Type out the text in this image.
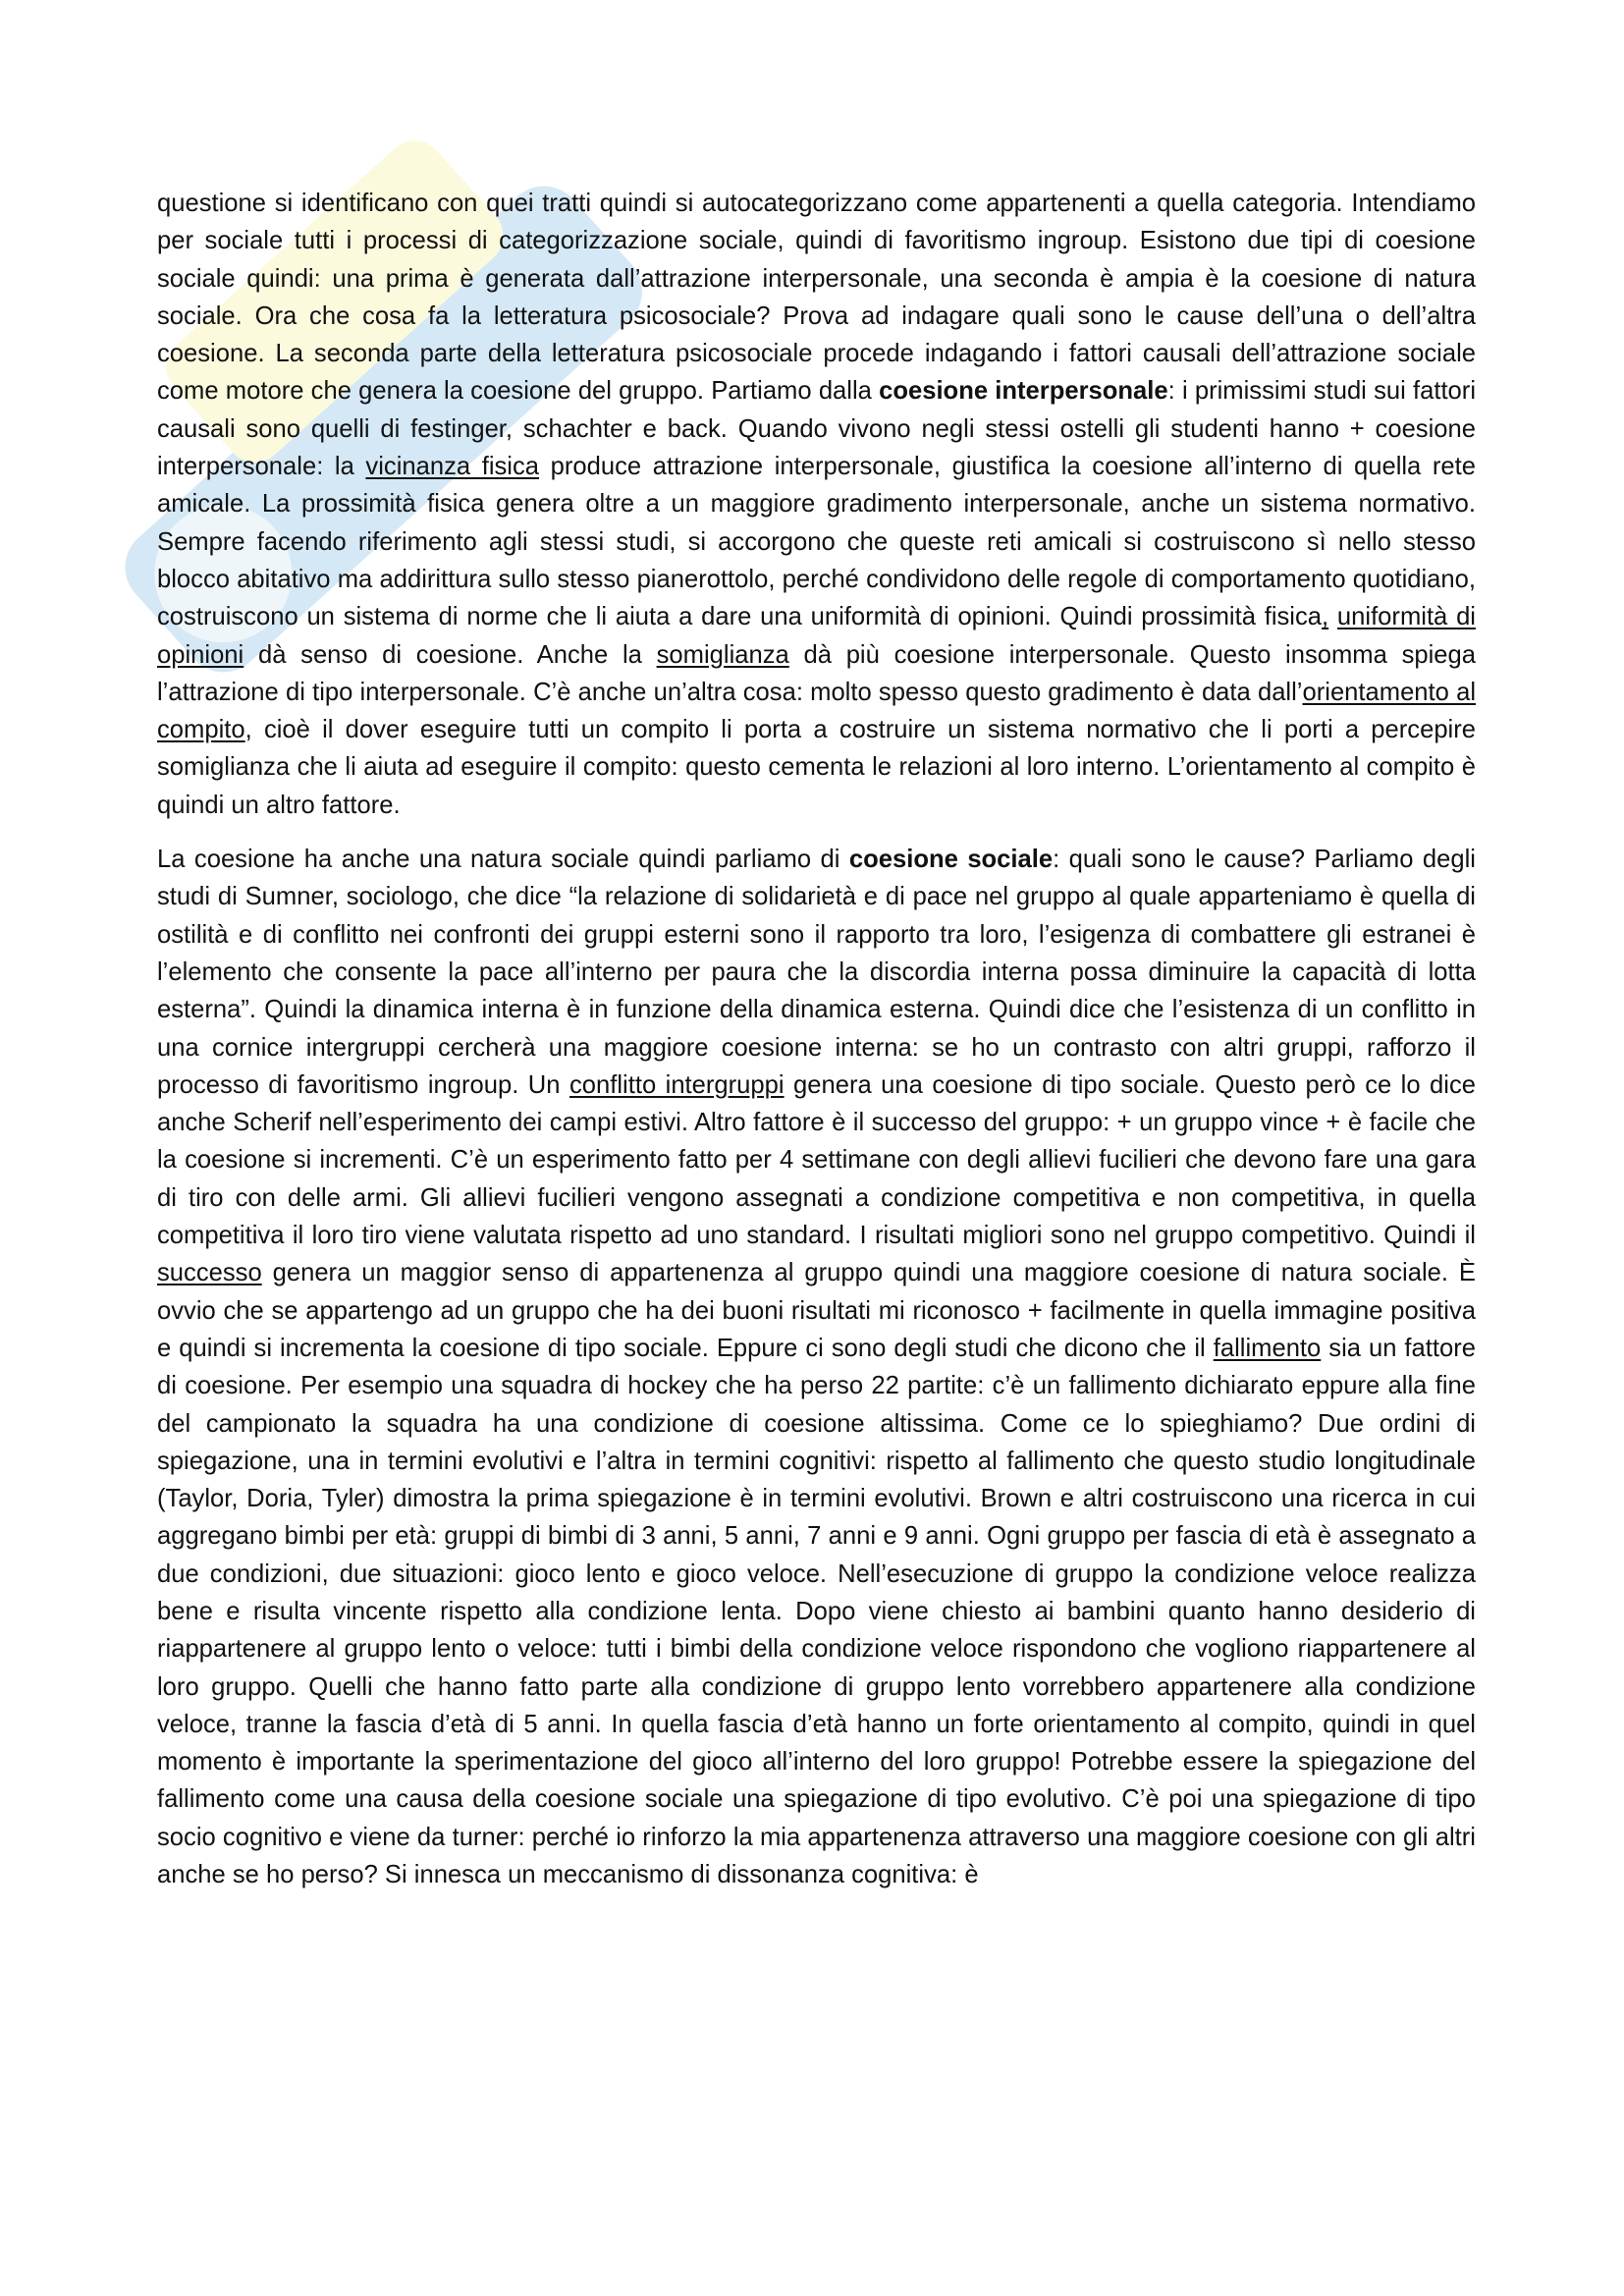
questione si identificano con quei tratti quindi si autocategorizzano come appartenenti a quella categoria. Intendiamo per sociale tutti i processi di categorizzazione sociale, quindi di favoritismo ingroup. Esistono due tipi di coesione sociale quindi: una prima è generata dall’attrazione interpersonale, una seconda è ampia è la coesione di natura sociale. Ora che cosa fa la letteratura psicosociale? Prova ad indagare quali sono le cause dell’una o dell’altra coesione. La seconda parte della letteratura psicosociale procede indagando i fattori causali dell’attrazione sociale come motore che genera la coesione del gruppo. Partiamo dalla coesione interpersonale: i primissimi studi sui fattori causali sono quelli di festinger, schachter e back. Quando vivono negli stessi ostelli gli studenti hanno + coesione interpersonale: la vicinanza fisica produce attrazione interpersonale, giustifica la coesione all’interno di quella rete amicale. La prossimità fisica genera oltre a un maggiore gradimento interpersonale, anche un sistema normativo. Sempre facendo riferimento agli stessi studi, si accorgono che queste reti amicali si costruiscono sì nello stesso blocco abitativo ma addirittura sullo stesso pianerottolo, perché condividono delle regole di comportamento quotidiano, costruiscono un sistema di norme che li aiuta a dare una uniformità di opinioni. Quindi prossimità fisica, uniformità di opinioni dà senso di coesione. Anche la somiglianza dà più coesione interpersonale. Questo insomma spiega l’attrazione di tipo interpersonale. C’è anche un’altra cosa: molto spesso questo gradimento è data dall’orientamento al compito, cioè il dover eseguire tutti un compito li porta a costruire un sistema normativo che li porti a percepire somiglianza che li aiuta ad eseguire il compito: questo cementa le relazioni al loro interno. L’orientamento al compito è quindi un altro fattore.

La coesione ha anche una natura sociale quindi parliamo di coesione sociale: quali sono le cause? Parliamo degli studi di Sumner, sociologo, che dice “la relazione di solidarietà e di pace nel gruppo al quale apparteniamo è quella di ostilità e di conflitto nei confronti dei gruppi esterni sono il rapporto tra loro, l’esigenza di combattere gli estranei è l’elemento che consente la pace all’interno per paura che la discordia interna possa diminuire la capacità di lotta esterna”. Quindi la dinamica interna è in funzione della dinamica esterna. Quindi dice che l’esistenza di un conflitto in una cornice intergruppi cercherà una maggiore coesione interna: se ho un contrasto con altri gruppi, rafforzo il processo di favoritismo ingroup. Un conflitto intergruppi genera una coesione di tipo sociale. Questo però ce lo dice anche Scherif nell’esperimento dei campi estivi. Altro fattore è il successo del gruppo: + un gruppo vince + è facile che la coesione si incrementi. C’è un esperimento fatto per 4 settimane con degli allievi fucilieri che devono fare una gara di tiro con delle armi. Gli allievi fucilieri vengono assegnati a condizione competitiva e non competitiva, in quella competitiva il loro tiro viene valutata rispetto ad uno standard. I risultati migliori sono nel gruppo competitivo. Quindi il successo genera un maggior senso di appartenenza al gruppo quindi una maggiore coesione di natura sociale. È ovvio che se appartengo ad un gruppo che ha dei buoni risultati mi riconosco + facilmente in quella immagine positiva e quindi si incrementa la coesione di tipo sociale. Eppure ci sono degli studi che dicono che il fallimento sia un fattore di coesione. Per esempio una squadra di hockey che ha perso 22 partite: c’è un fallimento dichiarato eppure alla fine del campionato la squadra ha una condizione di coesione altissima. Come ce lo spieghiamo? Due ordini di spiegazione, una in termini evolutivi e l’altra in termini cognitivi: rispetto al fallimento che questo studio longitudinale (Taylor, Doria, Tyler) dimostra la prima spiegazione è in termini evolutivi. Brown e altri costruiscono una ricerca in cui aggregano bimbi per età: gruppi di bimbi di 3 anni, 5 anni, 7 anni e 9 anni. Ogni gruppo per fascia di età è assegnato a due condizioni, due situazioni: gioco lento e gioco veloce. Nell’esecuzione di gruppo la condizione veloce realizza bene e risulta vincente rispetto alla condizione lenta. Dopo viene chiesto ai bambini quanto hanno desiderio di riappartenere al gruppo lento o veloce: tutti i bimbi della condizione veloce rispondono che vogliono riappartenere al loro gruppo. Quelli che hanno fatto parte alla condizione di gruppo lento vorrebbero appartenere alla condizione veloce, tranne la fascia d’età di 5 anni. In quella fascia d’età hanno un forte orientamento al compito, quindi in quel momento è importante la sperimentazione del gioco all’interno del loro gruppo! Potrebbe essere la spiegazione del fallimento come una causa della coesione sociale una spiegazione di tipo evolutivo. C’è poi una spiegazione di tipo socio cognitivo e viene da turner: perché io rinforzo la mia appartenenza attraverso una maggiore coesione con gli altri anche se ho perso? Si innesca un meccanismo di dissonanza cognitiva: è
